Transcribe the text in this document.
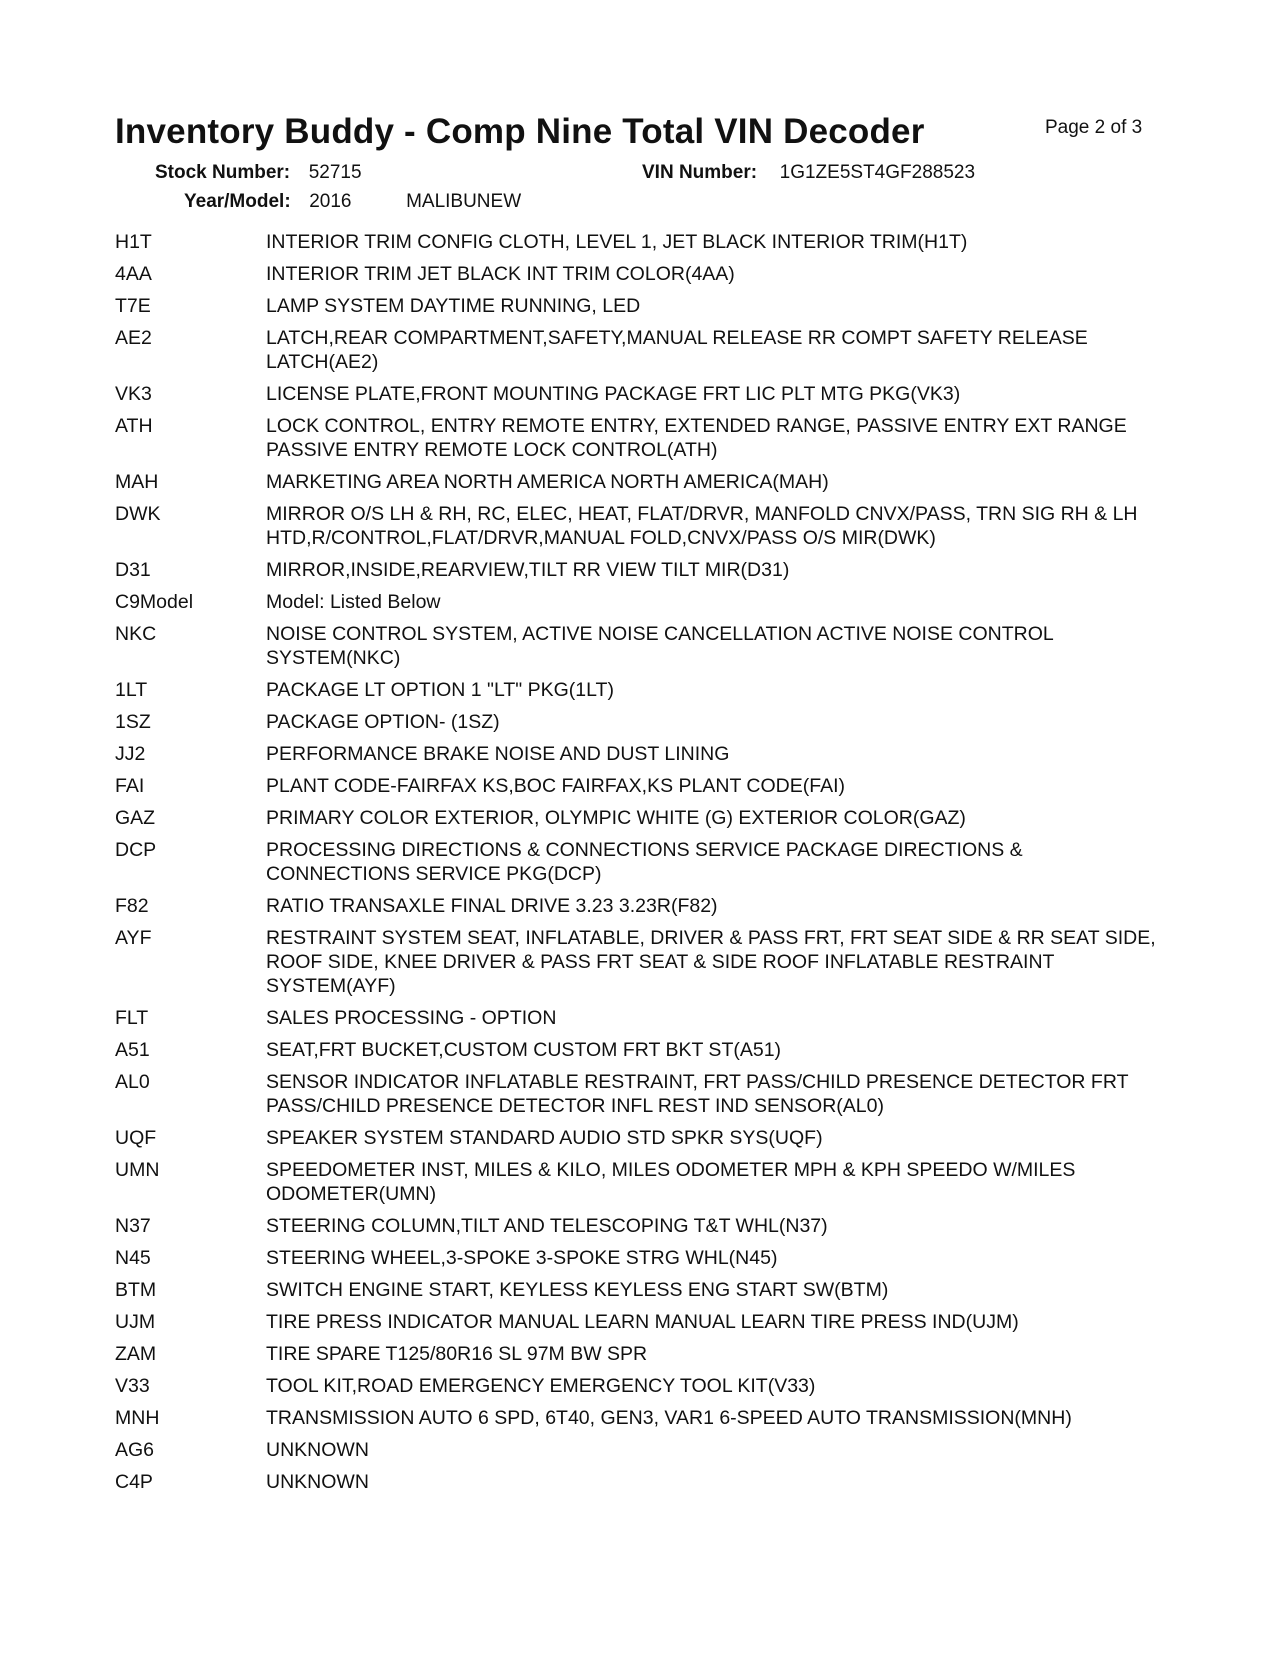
Inventory Buddy - Comp Nine Total VIN Decoder	Page 2 of 3
Stock Number: 52715	VIN Number: 1G1ZE5ST4GF288523
Year/Model: 2016	MALIBUNEW
H1T	INTERIOR TRIM CONFIG CLOTH, LEVEL 1, JET BLACK INTERIOR TRIM(H1T)
4AA	INTERIOR TRIM JET BLACK INT TRIM COLOR(4AA)
T7E	LAMP SYSTEM DAYTIME RUNNING, LED
AE2	LATCH,REAR COMPARTMENT,SAFETY,MANUAL RELEASE RR COMPT SAFETY RELEASE LATCH(AE2)
VK3	LICENSE PLATE,FRONT MOUNTING PACKAGE FRT LIC PLT MTG PKG(VK3)
ATH	LOCK CONTROL, ENTRY REMOTE ENTRY, EXTENDED RANGE, PASSIVE ENTRY EXT RANGE PASSIVE ENTRY REMOTE LOCK CONTROL(ATH)
MAH	MARKETING AREA NORTH AMERICA NORTH AMERICA(MAH)
DWK	MIRROR O/S LH & RH, RC, ELEC, HEAT, FLAT/DRVR, MANFOLD CNVX/PASS, TRN SIG RH & LH HTD,R/CONTROL,FLAT/DRVR,MANUAL FOLD,CNVX/PASS O/S MIR(DWK)
D31	MIRROR,INSIDE,REARVIEW,TILT RR VIEW TILT MIR(D31)
C9Model	Model: Listed Below
NKC	NOISE CONTROL SYSTEM, ACTIVE NOISE CANCELLATION ACTIVE NOISE CONTROL SYSTEM(NKC)
1LT	PACKAGE LT OPTION 1 "LT" PKG(1LT)
1SZ	PACKAGE OPTION- (1SZ)
JJ2	PERFORMANCE BRAKE NOISE AND DUST LINING
FAI	PLANT CODE-FAIRFAX KS,BOC FAIRFAX,KS PLANT CODE(FAI)
GAZ	PRIMARY COLOR EXTERIOR, OLYMPIC WHITE (G) EXTERIOR COLOR(GAZ)
DCP	PROCESSING DIRECTIONS & CONNECTIONS SERVICE PACKAGE DIRECTIONS & CONNECTIONS SERVICE PKG(DCP)
F82	RATIO TRANSAXLE FINAL DRIVE 3.23 3.23R(F82)
AYF	RESTRAINT SYSTEM SEAT, INFLATABLE, DRIVER & PASS FRT, FRT SEAT SIDE & RR SEAT SIDE, ROOF SIDE, KNEE DRIVER & PASS FRT SEAT & SIDE ROOF INFLATABLE RESTRAINT SYSTEM(AYF)
FLT	SALES PROCESSING - OPTION
A51	SEAT,FRT BUCKET,CUSTOM CUSTOM FRT BKT ST(A51)
AL0	SENSOR INDICATOR INFLATABLE RESTRAINT, FRT PASS/CHILD PRESENCE DETECTOR FRT PASS/CHILD PRESENCE DETECTOR INFL REST IND SENSOR(AL0)
UQF	SPEAKER SYSTEM STANDARD AUDIO STD SPKR SYS(UQF)
UMN	SPEEDOMETER INST, MILES & KILO, MILES ODOMETER MPH & KPH SPEEDO W/MILES ODOMETER(UMN)
N37	STEERING COLUMN,TILT AND TELESCOPING T&T WHL(N37)
N45	STEERING WHEEL,3-SPOKE 3-SPOKE STRG WHL(N45)
BTM	SWITCH ENGINE START, KEYLESS KEYLESS ENG START SW(BTM)
UJM	TIRE PRESS INDICATOR MANUAL LEARN MANUAL LEARN TIRE PRESS IND(UJM)
ZAM	TIRE SPARE T125/80R16 SL 97M BW SPR
V33	TOOL KIT,ROAD EMERGENCY EMERGENCY TOOL KIT(V33)
MNH	TRANSMISSION AUTO 6 SPD, 6T40, GEN3, VAR1 6-SPEED AUTO TRANSMISSION(MNH)
AG6	UNKNOWN
C4P	UNKNOWN
